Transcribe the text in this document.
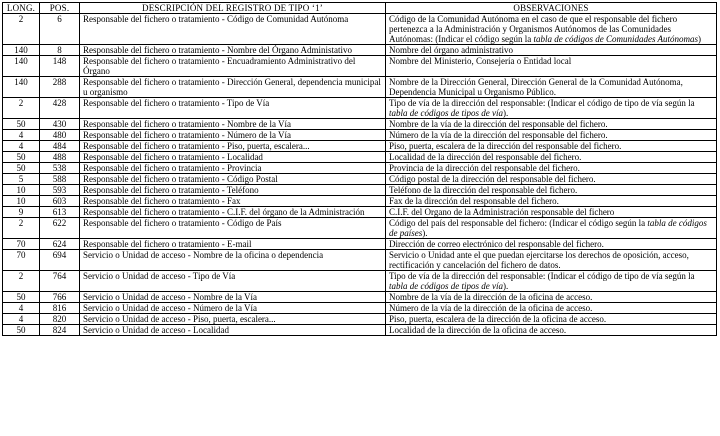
LONG.	POS.	DESCRIPCIÓN DEL REGISTRO DE TIPO ‘1’	OBSERVACIONES
2	6	Responsable del fichero o tratamiento - Código de Comunidad Autónoma	Código de la Comunidad Autónoma en el caso de que el responsable del fichero pertenezca a la Administración y Organismos Autónomos de las Comunidades Autónomas: (Indicar el código según la tabla de códigos de Comunidades Autónomas)
140	8	Responsable del fichero o tratamiento - Nombre del Órgano Administativo	Nombre del órgano administrativo
140	148	Responsable del fichero o tratamiento - Encuadramiento Administrativo del Órgano	Nombre del Ministerio, Consejería o Entidad local
140	288	Responsable del fichero o tratamiento - Dirección General, dependencia municipal u organismo	Nombre de la Dirección General, Dirección General de la Comunidad Autónoma, Dependencia Municipal u Organismo Público.
2	428	Responsable del fichero o tratamiento - Tipo de Vía	Tipo de vía de la dirección del responsable: (Indicar el código de tipo de vía según la tabla de códigos de tipos de vía).
50	430	Responsable del fichero o tratamiento - Nombre de la Vía	Nombre de la vía de la dirección del responsable del fichero.
4	480	Responsable del fichero o tratamiento - Número de la Vía	Número de la vía de la dirección del responsable del fichero.
4	484	Responsable del fichero o tratamiento - Piso, puerta, escalera...	Piso, puerta, escalera de la dirección del responsable del fichero.
50	488	Responsable del fichero o tratamiento - Localidad	Localidad de la dirección del responsable del fichero.
50	538	Responsable del fichero o tratamiento - Provincia	Provincia de la dirección del responsable del fichero.
5	588	Responsable del fichero o tratamiento - Código Postal	Código postal de la dirección del responsable del fichero.
10	593	Responsable del fichero o tratamiento - Teléfono	Teléfono de la dirección del responsable del fichero.
10	603	Responsable del fichero o tratamiento - Fax	Fax de la dirección del responsable del fichero.
9	613	Responsable del fichero o tratamiento - C.I.F. del órgano de la Administración	C.I.F. del Organo de la Administración responsable del fichero
2	622	Responsable del fichero o tratamiento - Código de País	Código del país del responsable del fichero: (Indicar el código según la tabla de códigos de países).
70	624	Responsable del fichero o tratamiento - E-mail	Dirección de correo electrónico del responsable del fichero.
70	694	Servicio o Unidad de acceso - Nombre de la oficina o dependencia	Servicio o Unidad ante el que puedan ejercitarse los derechos de oposición, acceso, rectificación y cancelación del fichero de datos.
2	764	Servicio o Unidad de acceso - Tipo de Vía	Tipo de vía de la dirección del responsable: (Indicar el código de tipo de vía según la tabla de códigos de tipos de vía).
50	766	Servicio o Unidad de acceso - Nombre de la Vía	Nombre de la vía de la dirección de la oficina de acceso.
4	816	Servicio o Unidad de acceso - Número de la Vía	Número de la vía de la dirección de la oficina de acceso.
4	820	Servicio o Unidad de acceso - Piso, puerta, escalera...	Piso, puerta, escalera de la dirección de la oficina de acceso.
50	824	Servicio o Unidad de acceso - Localidad	Localidad de la dirección de la oficina de acceso.
